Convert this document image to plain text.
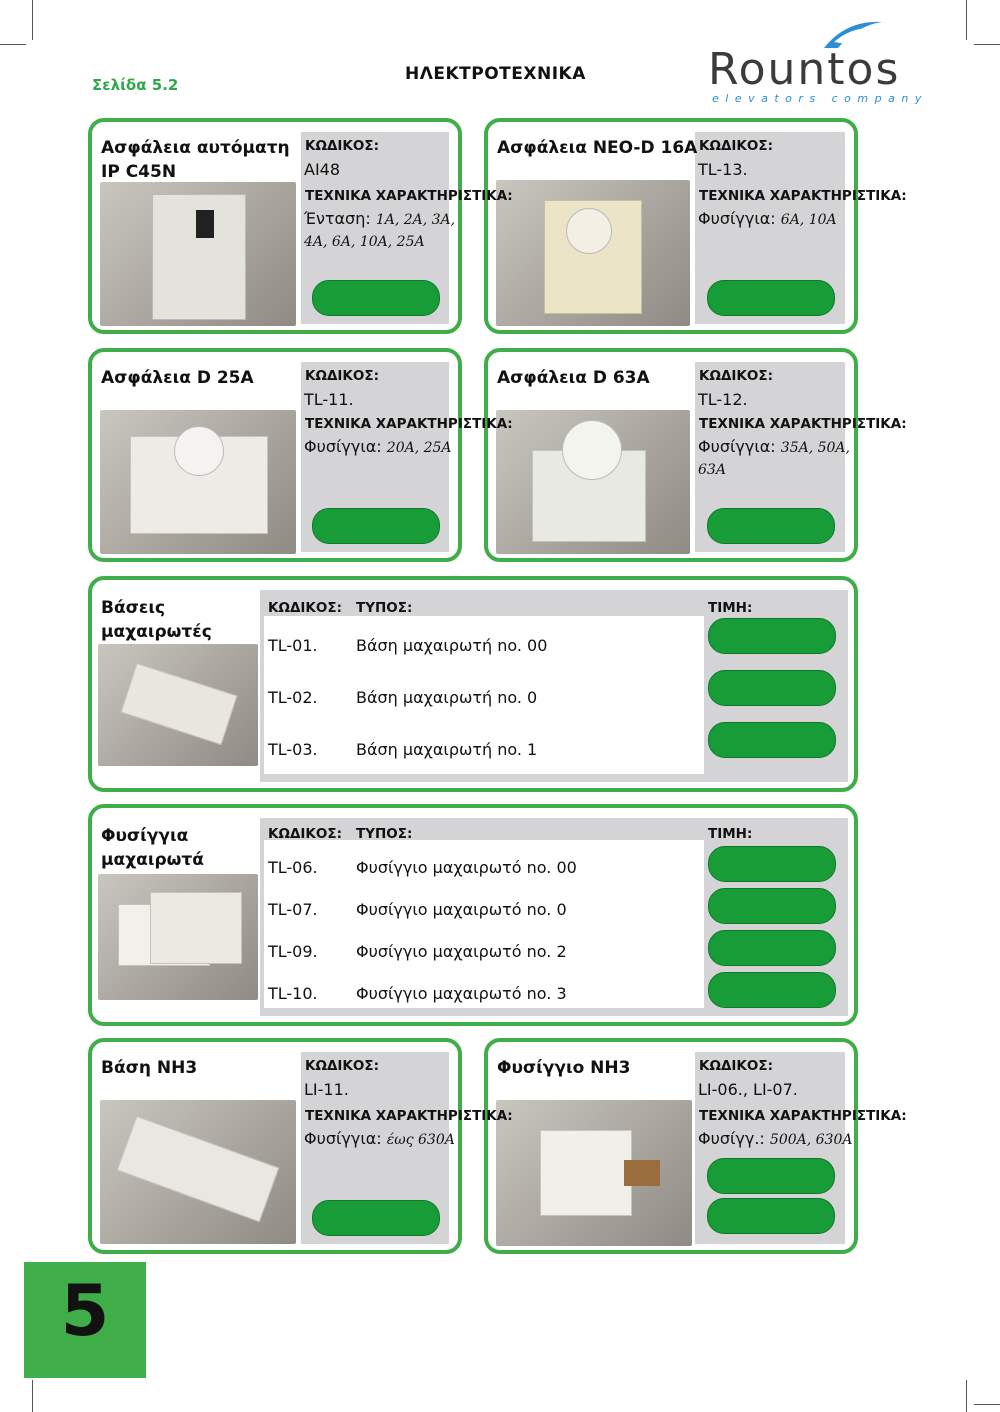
Σελίδα 5.2
ΗΛΕΚΤΡΟΤΕΧΝΙΚΑ	Rountos
elevators company
Ασφάλεια αυτόματη
IP C45N
ΚΩΔΙΚΟΣ:
AI48
ΤΕΧΝΙΚΑ ΧΑΡΑΚΤΗΡΙΣΤΙΚΑ:
Ένταση: 1A, 2A, 3A,
4A, 6A, 10A, 25A
Ασφάλεια NEO-D 16A ΚΩΔΙΚΟΣ:
TL-13.
ΤΕΧΝΙΚΑ ΧΑΡΑΚΤΗΡΙΣΤΙΚΑ:
Φυσίγγια: 6A, 10A
Ασφάλεια D 25A	ΚΩΔΙΚΟΣ:
TL-11.
ΤΕΧΝΙΚΑ ΧΑΡΑΚΤΗΡΙΣΤΙΚΑ:
Φυσίγγια: 20A, 25A
Ασφάλεια D 63A	ΚΩΔΙΚΟΣ:
TL-12.
ΤΕΧΝΙΚΑ ΧΑΡΑΚΤΗΡΙΣΤΙΚΑ:
Φυσίγγια: 35A, 50A,
63A
Βάσεις
μαχαιρωτές
ΚΩΔΙΚΟΣ: ΤΥΠΟΣ:	ΤΙΜΗ:
TL-01. Βάση μαχαιρωτή no. 00
TL-02. Βάση μαχαιρωτή no. 0
TL-03. Βάση μαχαιρωτή no. 1
Φυσίγγια
μαχαιρωτά
ΚΩΔΙΚΟΣ: ΤΥΠΟΣ:	ΤΙΜΗ:
TL-06. Φυσίγγιο μαχαιρωτό no. 00
TL-07. Φυσίγγιο μαχαιρωτό no. 0
TL-09. Φυσίγγιο μαχαιρωτό no. 2
TL-10. Φυσίγγιο μαχαιρωτό no. 3
Βάση NH3	ΚΩΔΙΚΟΣ:
LI-11.
ΤΕΧΝΙΚΑ ΧΑΡΑΚΤΗΡΙΣΤΙΚΑ:
Φυσίγγια: έως 630A
Φυσίγγιο NH3	ΚΩΔΙΚΟΣ:
LI-06., LI-07.
ΤΕΧΝΙΚΑ ΧΑΡΑΚΤΗΡΙΣΤΙΚΑ:
Φυσίγγ.: 500A, 630A
5
